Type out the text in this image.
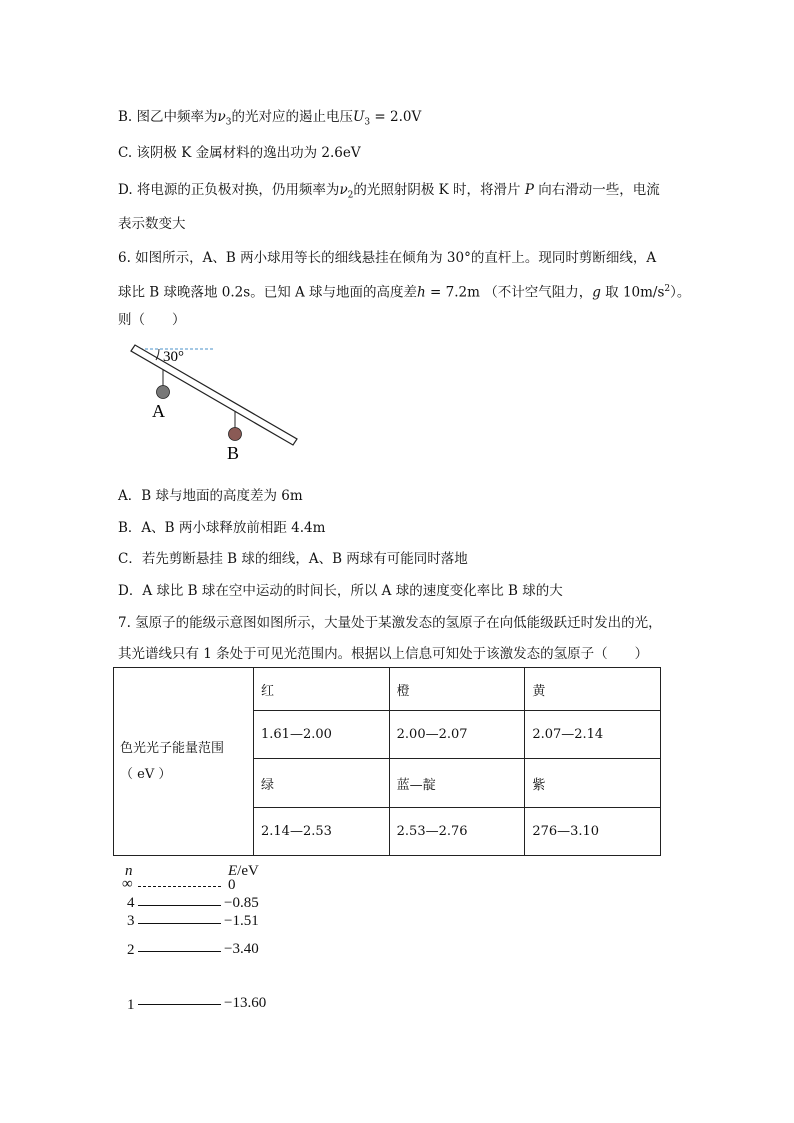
B. 图乙中频率为$\nu_3$的光对应的遏止电压$U_3 = 2.0V$
C. 该阴极 K 金属材料的逸出功为 2.6eV
D. 将电源的正负极对换，仍用频率为$\nu_2$的光照射阴极 K 时，将滑片 P 向右滑动一些，电流
表示数变大
6. 如图所示，A、B 两小球用等长的细线悬挂在倾角为 30°的直杆上。现同时剪断细线，A
球比 B 球晚落地 0.2s。已知 A 球与地面的高度差h = 7.2m （不计空气阻力，g 取 $10m/s^2$）。
则（　　）
30°
A
B
A．B 球与地面的高度差为 6m
B．A、B 两小球释放前相距 4.4m
C．若先剪断悬挂 B 球的细线，A、B 两球有可能同时落地
D．A 球比 B 球在空中运动的时间长，所以 A 球的速度变化率比 B 球的大
7. 氢原子的能级示意图如图所示，大量处于某激发态的氢原子在向低能级跃迁时发出的光，
其光谱线只有 1 条处于可见光范围内。根据以上信息可知处于该激发态的氢原子（　　）
色光光子能量范围
（ eV ）	红	橙	黄
	1.61—2.00	2.00—2.07	2.07—2.14
	绿	蓝—靛	紫
	2.14—2.53	2.53—2.76	276—3.10
n	E/eV
∞	0
4	−0.85
3	−1.51
2	−3.40
1	−13.60
